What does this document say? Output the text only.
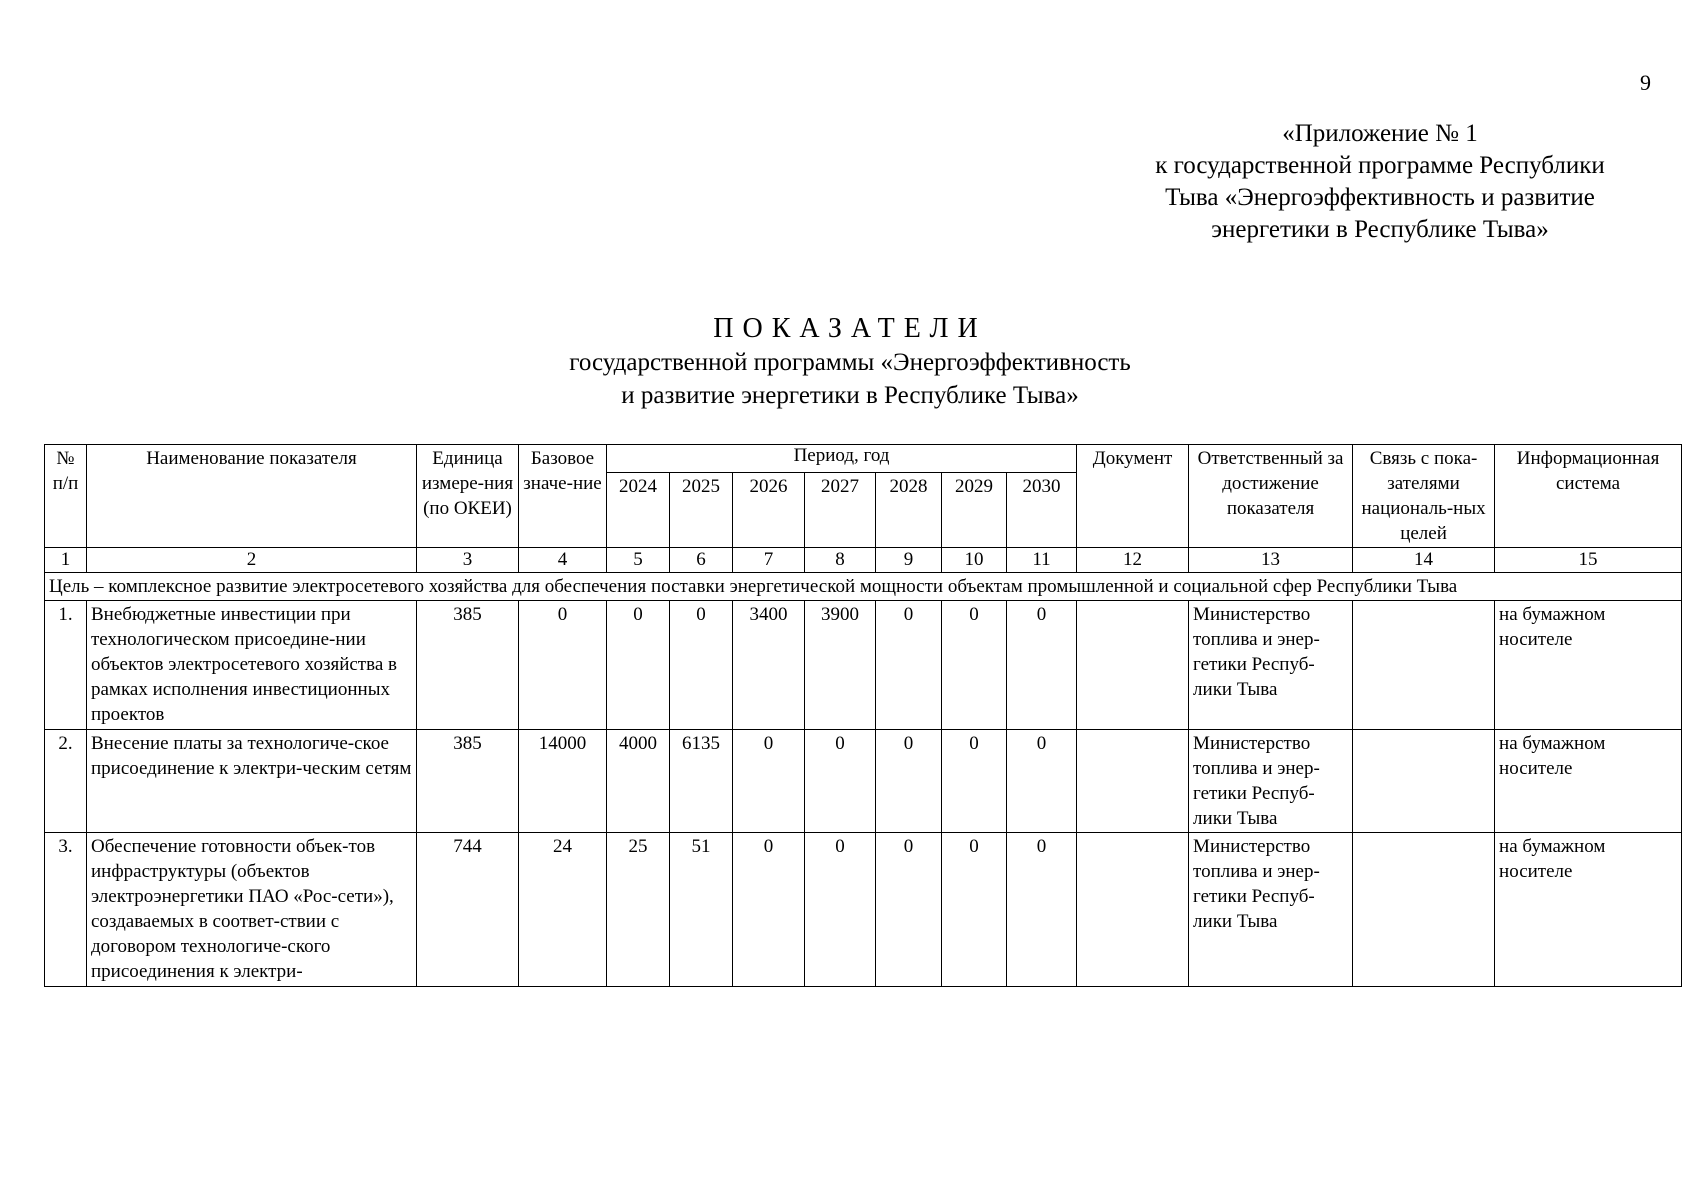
9
«Приложение № 1
к государственной программе Республики
Тыва «Энергоэффективность и развитие
энергетики в Республике Тыва»
ПОКАЗАТЕЛИ
государственной программы «Энергоэффективность
и развитие энергетики в Республике Тыва»
№ п/п	Наименование показателя	Единица измере-ния (по ОКЕИ)	Базовое значе-ние	Период, год							Документ	Ответственный за достижение показателя	Связь с пока-зателями националь-ных целей	Информационная система
				2024	2025	2026	2027	2028	2029	2030				
1	2	3	4	5	6	7	8	9	10	11	12	13	14	15
Цель – комплексное развитие электросетевого хозяйства для обеспечения поставки энергетической мощности объектам промышленной и социальной сфер Республики Тыва														
1.	Внебюджетные инвестиции при технологическом присоедине-нии объектов электросетевого хозяйства в рамках исполнения инвестиционных проектов	385	0	0	0	3400	3900	0	0	0		Министерство топлива и энер-гетики Респуб-лики Тыва		на бумажном носителе
2.	Внесение платы за технологиче-ское присоединение к электри-ческим сетям	385	14000	4000	6135	0	0	0	0	0		Министерство топлива и энер-гетики Респуб-лики Тыва		на бумажном носителе
3.	Обеспечение готовности объек-тов инфраструктуры (объектов электроэнергетики ПАО «Рос-сети»), создаваемых в соответ-ствии с договором технологиче-ского присоединения к электри-	744	24	25	51	0	0	0	0	0		Министерство топлива и энер-гетики Респуб-лики Тыва		на бумажном носителе
